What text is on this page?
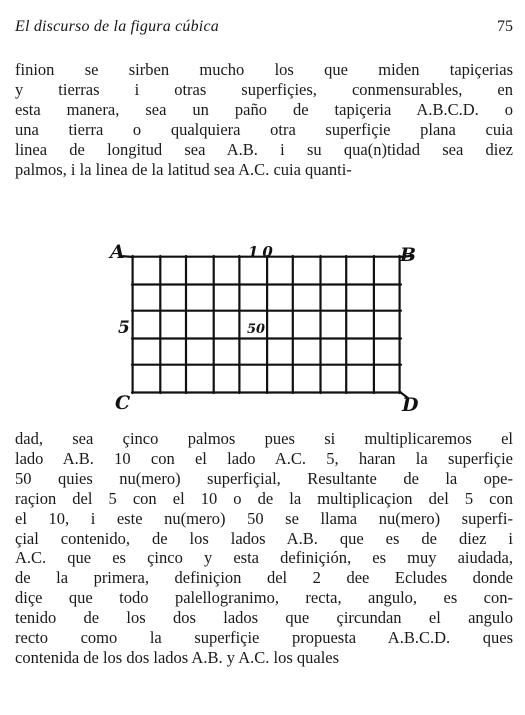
El discurso de la figura cúbica	75
finion se sirben mucho los que miden tapiçerias
y tierras i otras superfiçies, conmensurables, en
esta manera, sea un paño de tapiçeria A.B.C.D. o
una tierra o qualquiera otra superfiçie plana cuia
linea de longitud sea A.B. i su qua(n)tidad sea diez
palmos, i la linea de la latitud sea A.C. cuia quanti-
A	B
C	D
10
5	50
dad, sea çinco palmos pues si multiplicaremos el
lado A.B. 10 con el lado A.C. 5, haran la superfiçie
50 quies nu(mero) superfiçial, Resultante de la ope-
raçion del 5 con el 10 o de la multiplicaçion del 5 con
el 10, i este nu(mero) 50 se llama nu(mero) superfi-
çial contenido, de los lados A.B. que es de diez i
A.C. que es çinco y esta definiçión, es muy aiudada,
de la primera, definiçion del 2 dee Ecludes donde
diçe que todo palellogranimo, recta, angulo, es con-
tenido de los dos lados que çircundan el angulo
recto como la superfiçie propuesta A.B.C.D. ques
contenida de los dos lados A.B. y A.C. los quales
